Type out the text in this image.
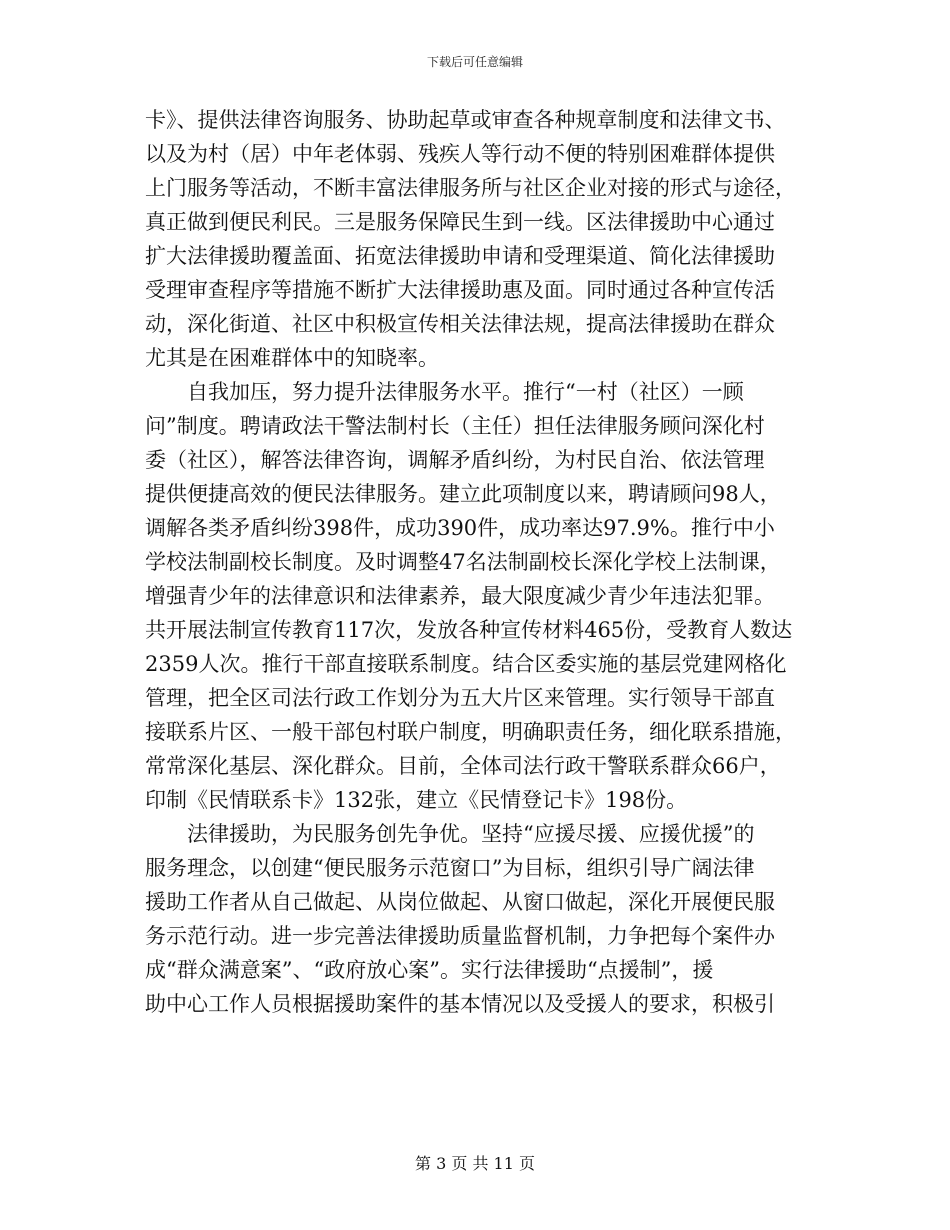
下载后可任意编辑
卡》、提供法律咨询服务、协助起草或审查各种规章制度和法律文书、
以及为村（居）中年老体弱、残疾人等行动不便的特别困难群体提供
上门服务等活动，不断丰富法律服务所与社区企业对接的形式与途径，
真正做到便民利民。三是服务保障民生到一线。区法律援助中心通过
扩大法律援助覆盖面、拓宽法律援助申请和受理渠道、简化法律援助
受理审查程序等措施不断扩大法律援助惠及面。同时通过各种宣传活
动，深化街道、社区中积极宣传相关法律法规，提高法律援助在群众
尤其是在困难群体中的知晓率。
自我加压，努力提升法律服务水平。推行“一村（社区）一顾
问”制度。聘请政法干警法制村长（主任）担任法律服务顾问深化村
委（社区），解答法律咨询，调解矛盾纠纷，为村民自治、依法管理
提供便捷高效的便民法律服务。建立此项制度以来，聘请顾问98人，
调解各类矛盾纠纷398件，成功390件，成功率达97.9%。推行中小
学校法制副校长制度。及时调整47名法制副校长深化学校上法制课，
增强青少年的法律意识和法律素养，最大限度减少青少年违法犯罪。
共开展法制宣传教育117次，发放各种宣传材料465份，受教育人数达
2359人次。推行干部直接联系制度。结合区委实施的基层党建网格化
管理，把全区司法行政工作划分为五大片区来管理。实行领导干部直
接联系片区、一般干部包村联户制度，明确职责任务，细化联系措施，
常常深化基层、深化群众。目前，全体司法行政干警联系群众66户，
印制《民情联系卡》132张，建立《民情登记卡》198份。
法律援助，为民服务创先争优。坚持“应援尽援、应援优援”的
服务理念，以创建“便民服务示范窗口”为目标，组织引导广阔法律
援助工作者从自己做起、从岗位做起、从窗口做起，深化开展便民服
务示范行动。进一步完善法律援助质量监督机制，力争把每个案件办
成“群众满意案”、“政府放心案”。实行法律援助“点援制”，援
助中心工作人员根据援助案件的基本情况以及受援人的要求，积极引
第 3 页 共 11 页
